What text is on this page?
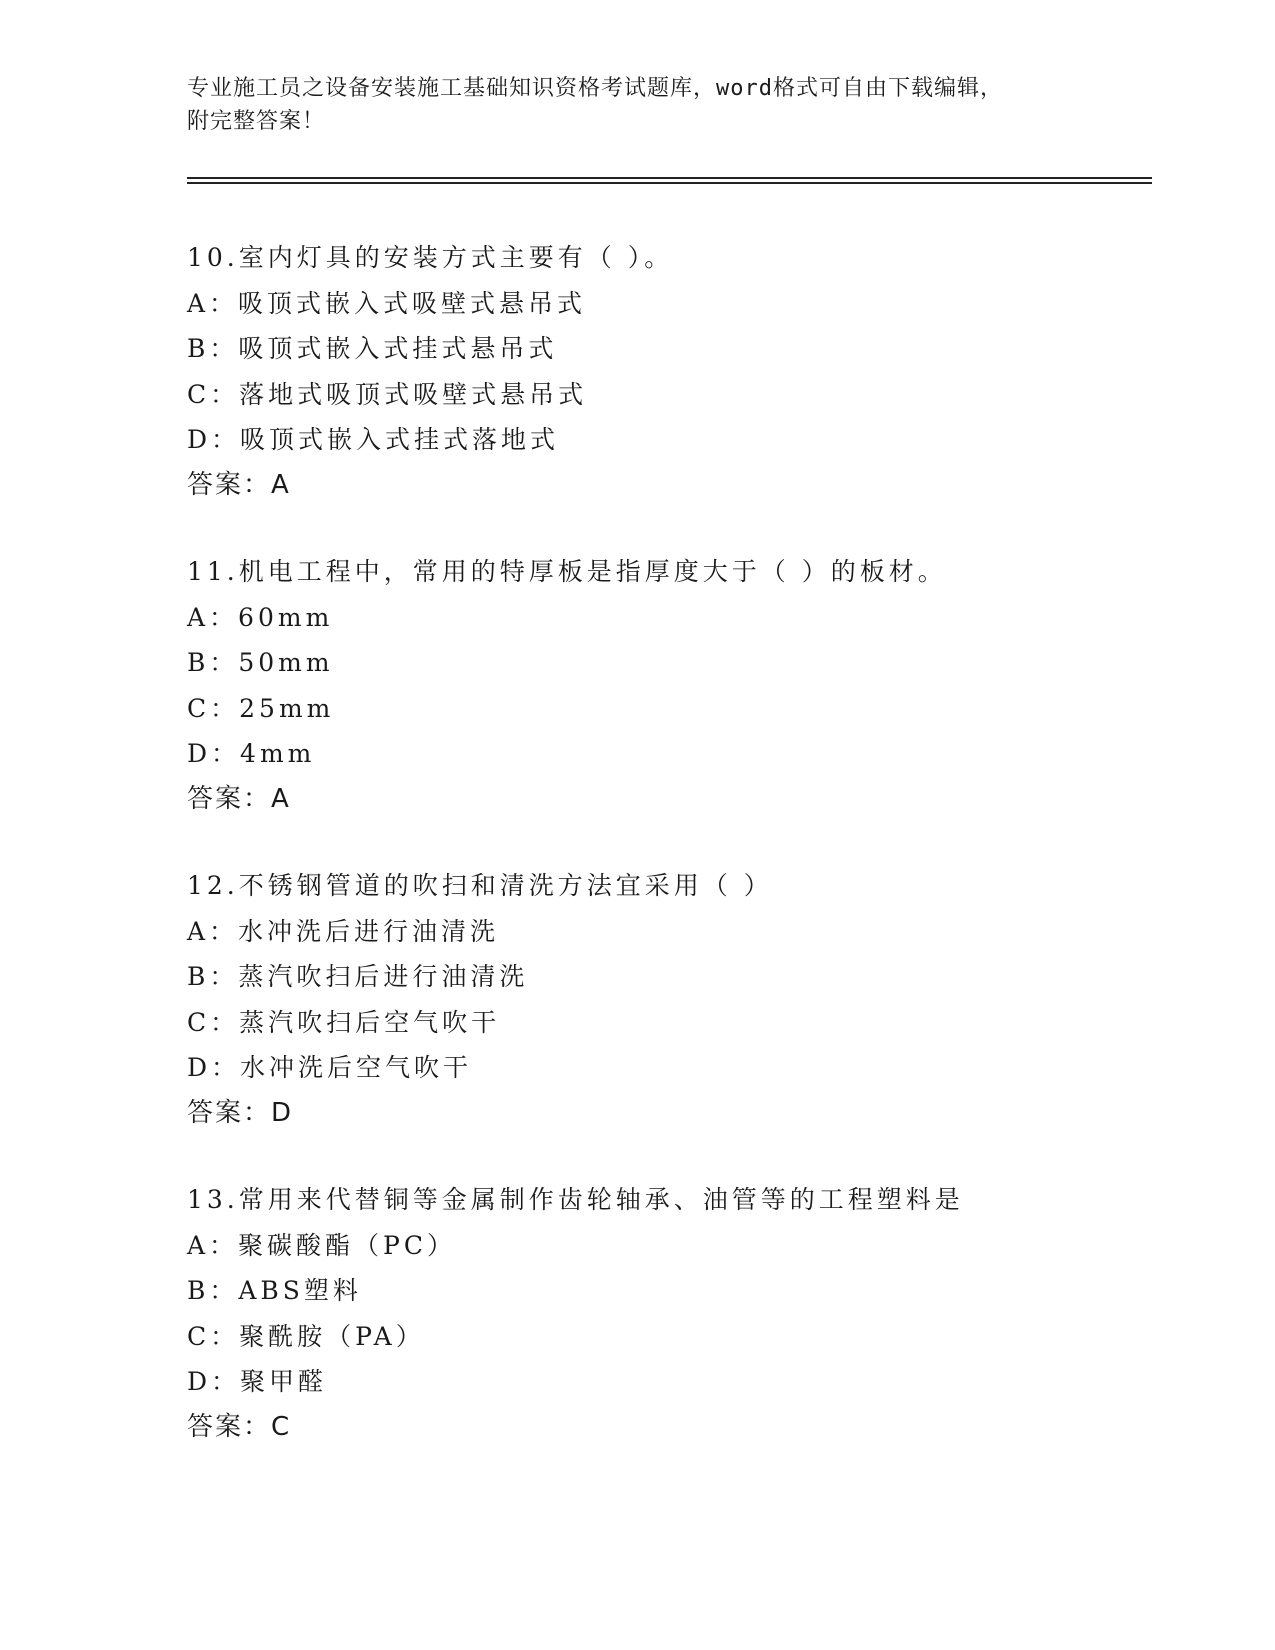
专业施工员之设备安装施工基础知识资格考试题库，word格式可自由下载编辑，
附完整答案！
10.室内灯具的安装方式主要有（ ）。
A：吸顶式嵌入式吸壁式悬吊式
B：吸顶式嵌入式挂式悬吊式
C：落地式吸顶式吸壁式悬吊式
D：吸顶式嵌入式挂式落地式
答案：A
11.机电工程中，常用的特厚板是指厚度大于（ ）的板材。
A：60mm
B：50mm
C：25mm
D：4mm
答案：A
12.不锈钢管道的吹扫和清洗方法宜采用（ ）
A：水冲洗后进行油清洗
B：蒸汽吹扫后进行油清洗
C：蒸汽吹扫后空气吹干
D：水冲洗后空气吹干
答案：D
13.常用来代替铜等金属制作齿轮轴承、油管等的工程塑料是
A：聚碳酸酯（PC）
B：ABS塑料
C：聚酰胺（PA）
D：聚甲醛
答案：C
